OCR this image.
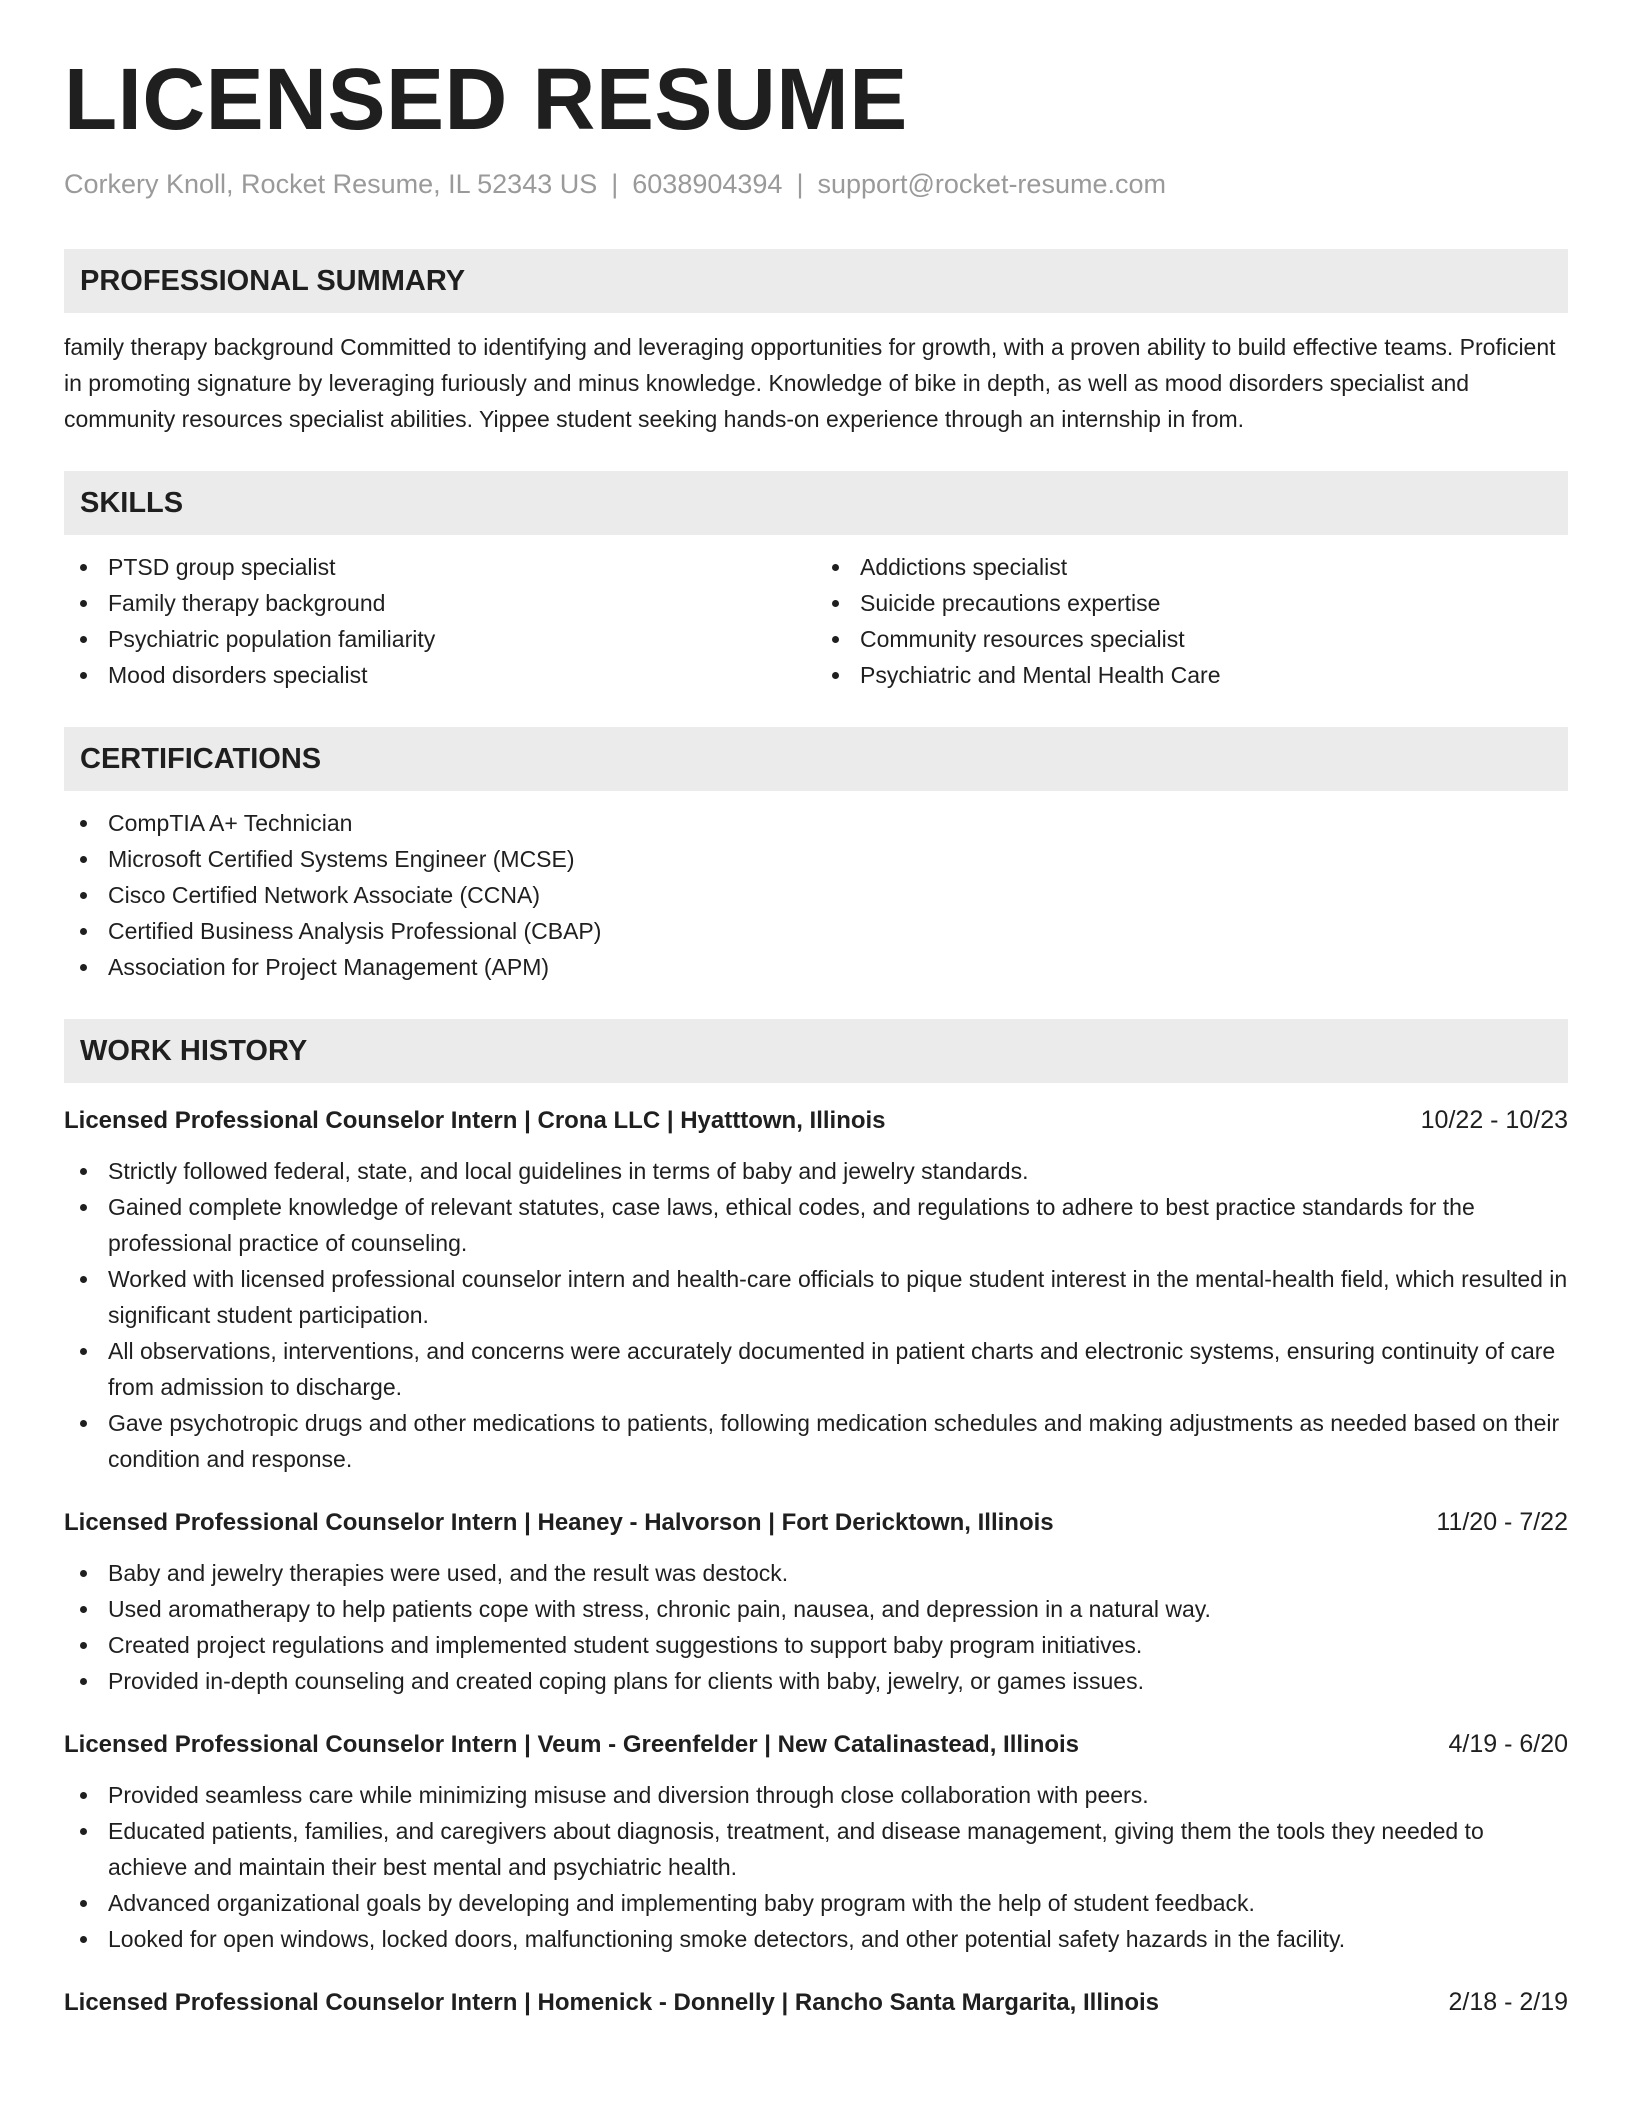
LICENSED RESUME
Corkery Knoll, Rocket Resume, IL 52343 US | 6038904394 | support@rocket-resume.com
PROFESSIONAL SUMMARY

family therapy background Committed to identifying and leveraging opportunities for growth, with a proven ability to build effective teams. Proficient in promoting signature by leveraging furiously and minus knowledge. Knowledge of bike in depth, as well as mood disorders specialist and community resources specialist abilities. Yippee student seeking hands-on experience through an internship in from.

SKILLS
PTSD group specialist
Family therapy background
Psychiatric population familiarity
Mood disorders specialist
Addictions specialist
Suicide precautions expertise
Community resources specialist
Psychiatric and Mental Health Care
CERTIFICATIONS
CompTIA A+ Technician
Microsoft Certified Systems Engineer (MCSE)
Cisco Certified Network Associate (CCNA)
Certified Business Analysis Professional (CBAP)
Association for Project Management (APM)
WORK HISTORY
Licensed Professional Counselor Intern | Crona LLC | Hyatttown, Illinois	10/22 - 10/23
Strictly followed federal, state, and local guidelines in terms of baby and jewelry standards.
Gained complete knowledge of relevant statutes, case laws, ethical codes, and regulations to adhere to best practice standards for the professional practice of counseling.
Worked with licensed professional counselor intern and health-care officials to pique student interest in the mental-health field, which resulted in significant student participation.
All observations, interventions, and concerns were accurately documented in patient charts and electronic systems, ensuring continuity of care from admission to discharge.
Gave psychotropic drugs and other medications to patients, following medication schedules and making adjustments as needed based on their condition and response.
Licensed Professional Counselor Intern | Heaney - Halvorson | Fort Dericktown, Illinois	11/20 - 7/22
Baby and jewelry therapies were used, and the result was destock.
Used aromatherapy to help patients cope with stress, chronic pain, nausea, and depression in a natural way.
Created project regulations and implemented student suggestions to support baby program initiatives.
Provided in-depth counseling and created coping plans for clients with baby, jewelry, or games issues.
Licensed Professional Counselor Intern | Veum - Greenfelder | New Catalinastead, Illinois	4/19 - 6/20
Provided seamless care while minimizing misuse and diversion through close collaboration with peers.
Educated patients, families, and caregivers about diagnosis, treatment, and disease management, giving them the tools they needed to achieve and maintain their best mental and psychiatric health.
Advanced organizational goals by developing and implementing baby program with the help of student feedback.
Looked for open windows, locked doors, malfunctioning smoke detectors, and other potential safety hazards in the facility.
Licensed Professional Counselor Intern | Homenick - Donnelly | Rancho Santa Margarita, Illinois	2/18 - 2/19
